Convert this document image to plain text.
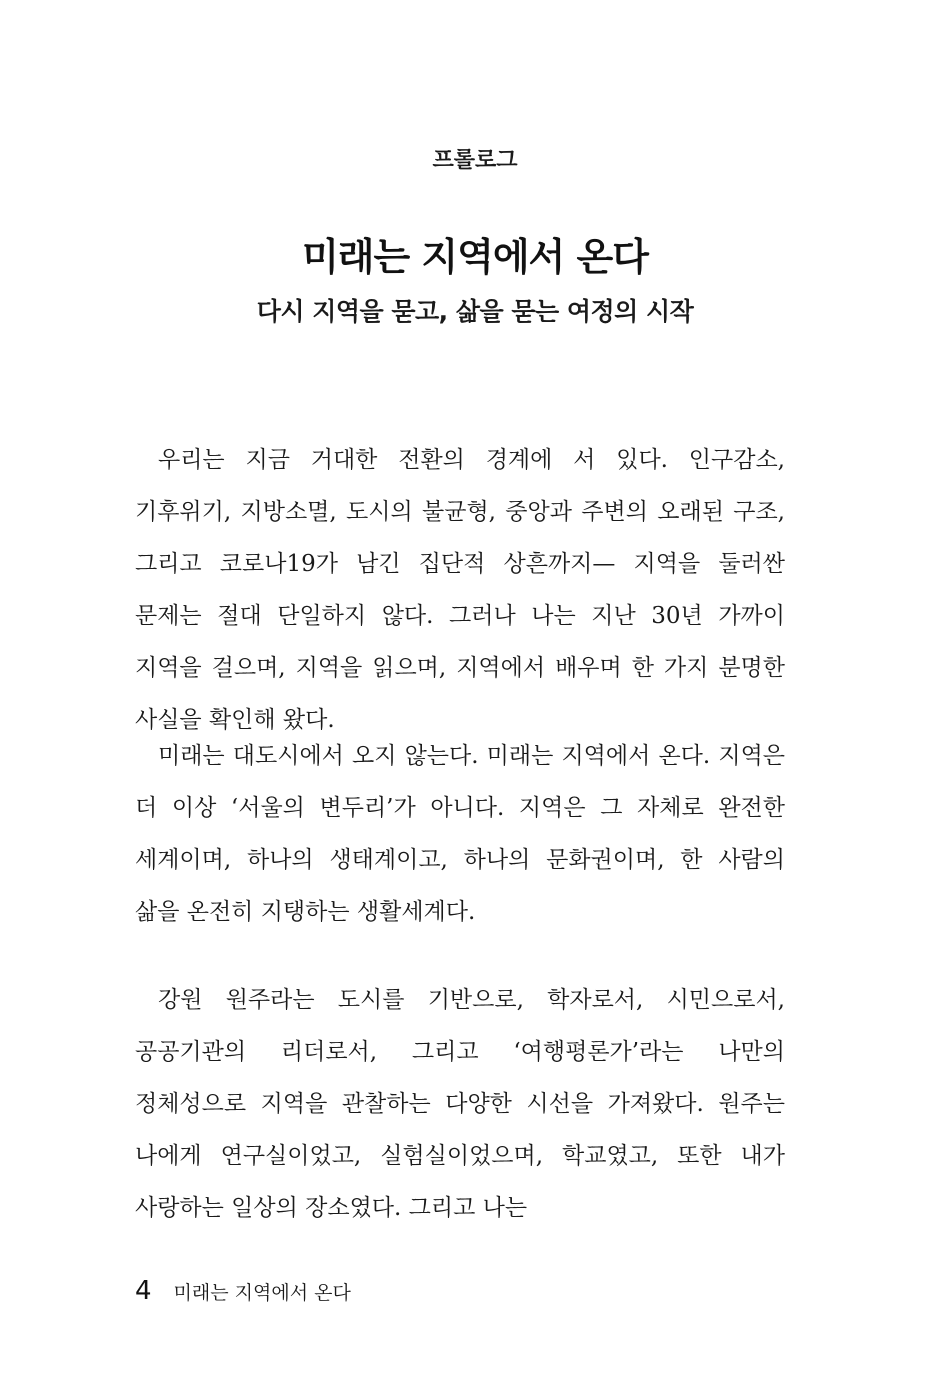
프롤로그
미래는 지역에서 온다
다시 지역을 묻고, 삶을 묻는 여정의 시작

우리는 지금 거대한 전환의 경계에 서 있다. 인구감소, 기후위기, 지방소멸, 도시의 불균형, 중앙과 주변의 오래된 구조, 그리고 코로나19가 남긴 집단적 상흔까지— 지역을 둘러싼 문제는 절대 단일하지 않다. 그러나 나는 지난 30년 가까이 지역을 걸으며, 지역을 읽으며, 지역에서 배우며 한 가지 분명한 사실을 확인해 왔다.

미래는 대도시에서 오지 않는다. 미래는 지역에서 온다. 지역은 더 이상 ‘서울의 변두리’가 아니다. 지역은 그 자체로 완전한 세계이며, 하나의 생태계이고, 하나의 문화권이며, 한 사람의 삶을 온전히 지탱하는 생활세계다.

강원 원주라는 도시를 기반으로, 학자로서, 시민으로서, 공공기관의 리더로서, 그리고 ‘여행평론가’라는 나만의 정체성으로 지역을 관찰하는 다양한 시선을 가져왔다. 원주는 나에게 연구실이었고, 실험실이었으며, 학교였고, 또한 내가 사랑하는 일상의 장소였다. 그리고 나는

4 미래는 지역에서 온다
